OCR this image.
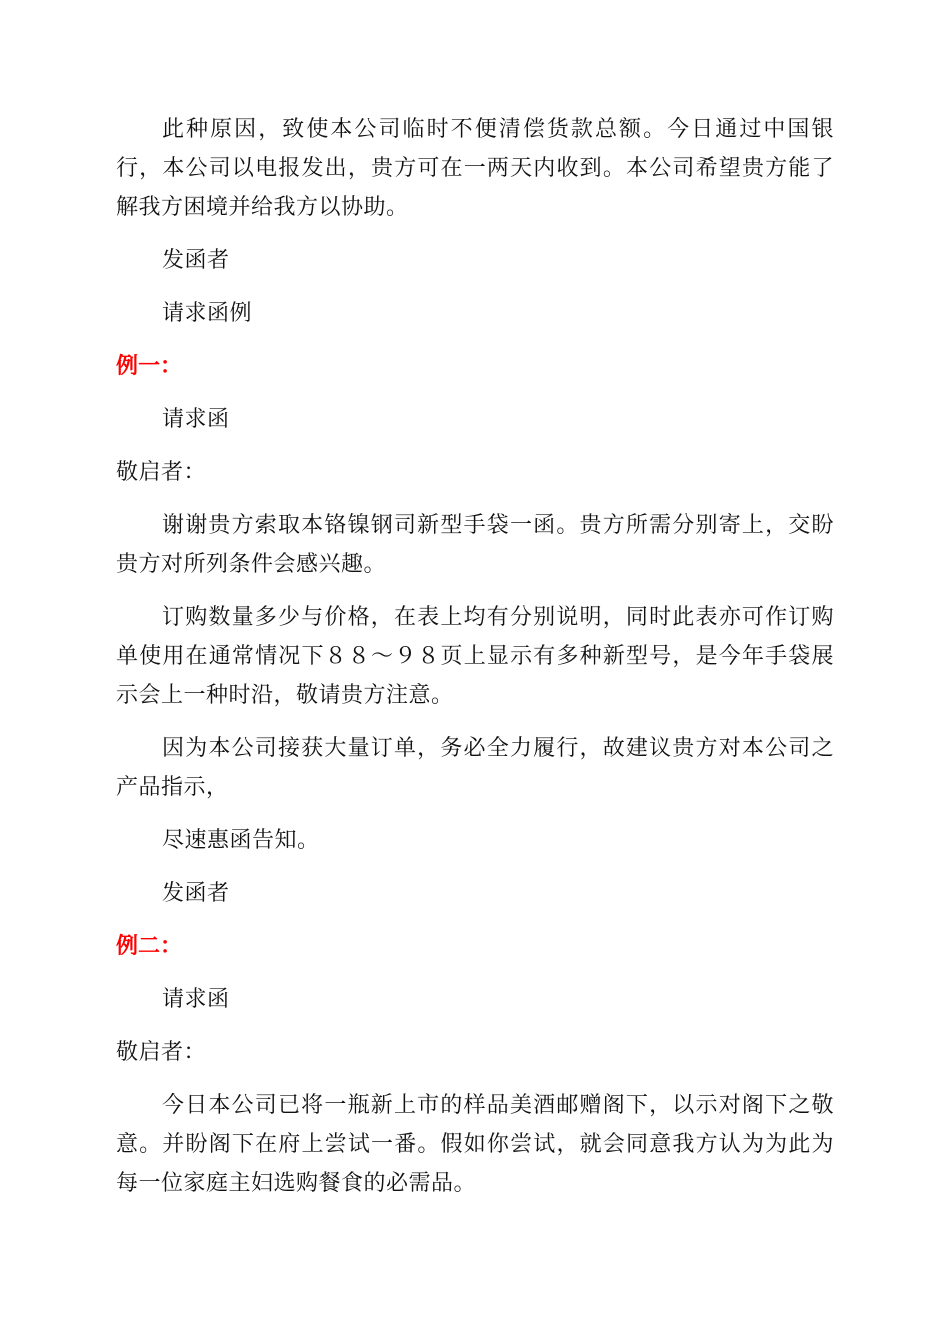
此种原因，致使本公司临时不便清偿货款总额。今日通过中国银行，本公司以电报发出，贵方可在一两天内收到。本公司希望贵方能了解我方困境并给我方以协助。

发函者

请求函例

例一：

请求函

敬启者：

谢谢贵方索取本铬镍钢司新型手袋一函。贵方所需分别寄上，交盼贵方对所列条件会感兴趣。

订购数量多少与价格，在表上均有分别说明，同时此表亦可作订购单使用在通常情况下８８～９８页上显示有多种新型号，是今年手袋展示会上一种时沿，敬请贵方注意。

因为本公司接获大量订单，务必全力履行，故建议贵方对本公司之产品指示，

尽速惠函告知。

发函者

例二：

请求函

敬启者：

今日本公司已将一瓶新上市的样品美酒邮赠阁下，以示对阁下之敬意。并盼阁下在府上尝试一番。假如你尝试，就会同意我方认为为此为每一位家庭主妇选购餐食的必需品。
